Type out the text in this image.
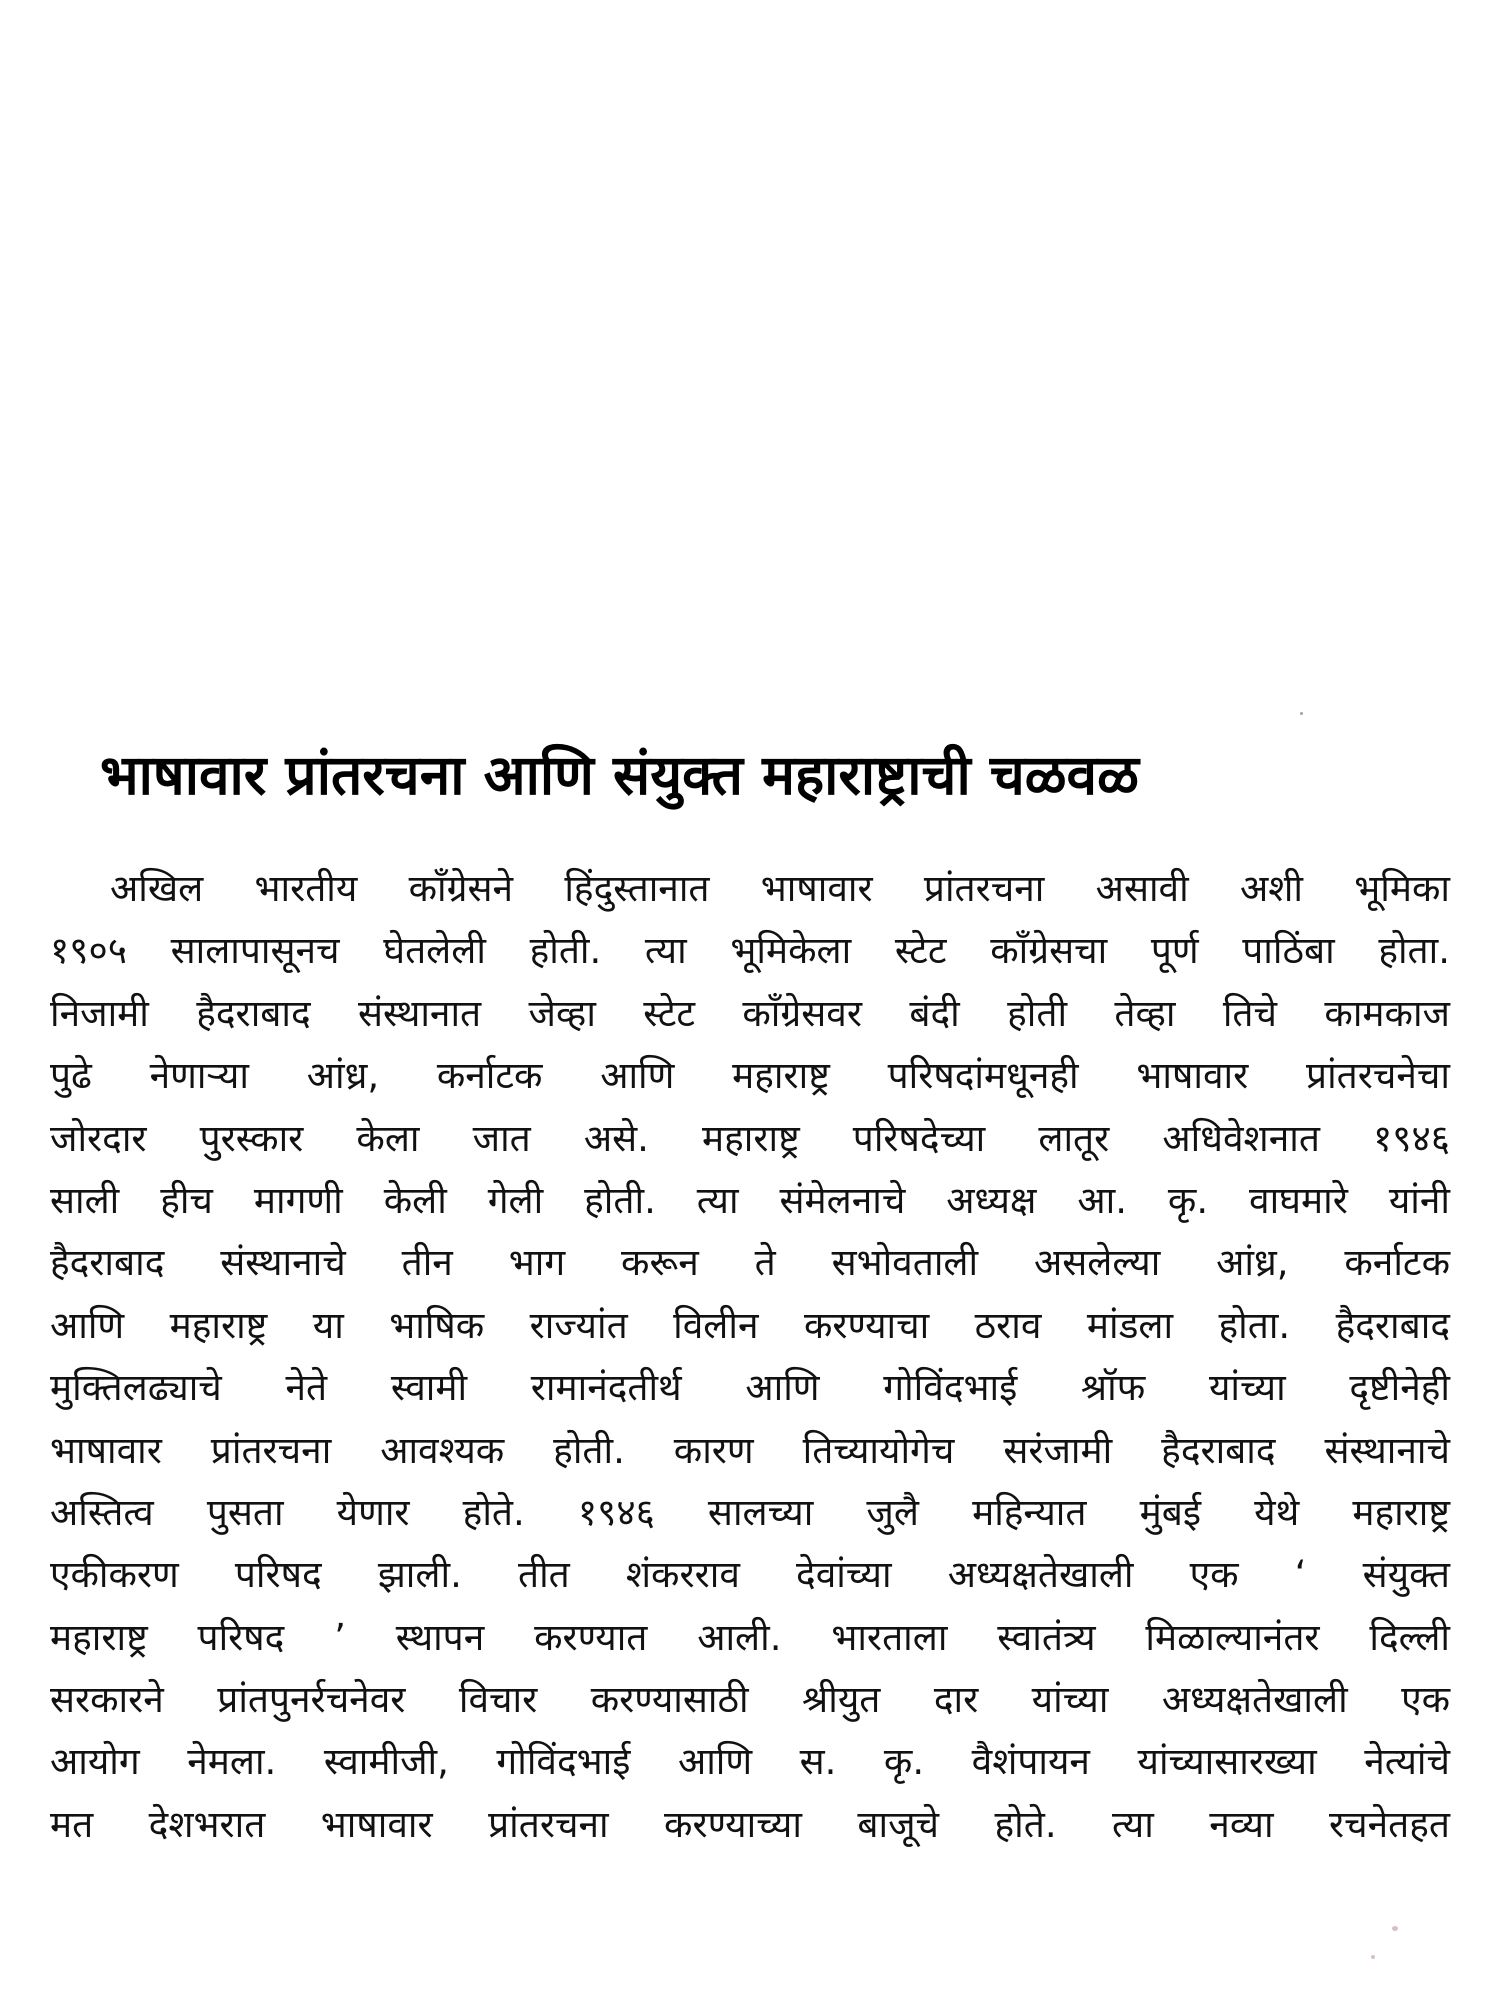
भाषावार प्रांतरचना आणि संयुक्त महाराष्ट्राची चळवळ
अखिल भारतीय काँग्रेसने हिंदुस्तानात भाषावार प्रांतरचना असावी अशी भूमिका
१९०५ सालापासूनच घेतलेली होती. त्या भूमिकेला स्टेट काँग्रेसचा पूर्ण पाठिंबा होता.
निजामी हैदराबाद संस्थानात जेव्हा स्टेट काँग्रेसवर बंदी होती तेव्हा तिचे कामकाज
पुढे नेणाऱ्या आंध्र, कर्नाटक आणि महाराष्ट्र परिषदांमधूनही भाषावार प्रांतरचनेचा
जोरदार पुरस्कार केला जात असे. महाराष्ट्र परिषदेच्या लातूर अधिवेशनात १९४६
साली हीच मागणी केली गेली होती. त्या संमेलनाचे अध्यक्ष आ. कृ. वाघमारे यांनी
हैदराबाद संस्थानाचे तीन भाग करून ते सभोवताली असलेल्या आंध्र, कर्नाटक
आणि महाराष्ट्र या भाषिक राज्यांत विलीन करण्याचा ठराव मांडला होता. हैदराबाद
मुक्तिलढ्याचे नेते स्वामी रामानंदतीर्थ आणि गोविंदभाई श्रॉफ यांच्या दृष्टीनेही
भाषावार प्रांतरचना आवश्यक होती. कारण तिच्यायोगेच सरंजामी हैदराबाद संस्थानाचे
अस्तित्व पुसता येणार होते. १९४६ सालच्या जुलै महिन्यात मुंबई येथे महाराष्ट्र
एकीकरण परिषद झाली. तीत शंकरराव देवांच्या अध्यक्षतेखाली एक ‘ संयुक्त
महाराष्ट्र परिषद ’ स्थापन करण्यात आली. भारताला स्वातंत्र्य मिळाल्यानंतर दिल्ली
सरकारने प्रांतपुनर्रचनेवर विचार करण्यासाठी श्रीयुत दार यांच्या अध्यक्षतेखाली एक
आयोग नेमला. स्वामीजी, गोविंदभाई आणि स. कृ. वैशंपायन यांच्यासारख्या नेत्यांचे
मत देशभरात भाषावार प्रांतरचना करण्याच्या बाजूचे होते. त्या नव्या रचनेतहत
